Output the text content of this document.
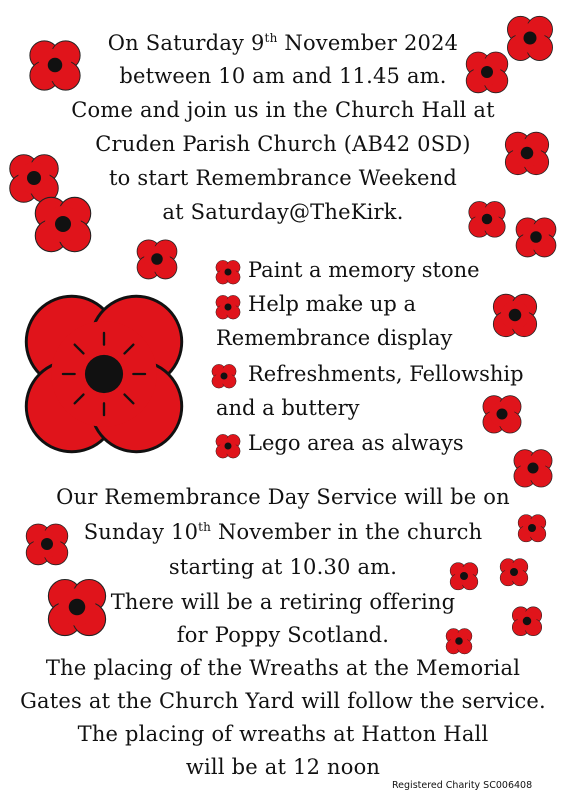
On Saturday 9th November 2024
between 10 am and 11.45 am.
Come and join us in the Church Hall at
Cruden Parish Church (AB42 0SD)
to start Remembrance Weekend
at Saturday@TheKirk.
Paint a memory stone
Help make up a
Remembrance display
Refreshments, Fellowship
and a buttery
Lego area as always
Our Remembrance Day Service will be on
Sunday 10th November in the church
starting at 10.30 am.
There will be a retiring offering
for Poppy Scotland.
The placing of the Wreaths at the Memorial
Gates at the Church Yard will follow the service.
The placing of wreaths at Hatton Hall
will be at 12 noon
Registered Charity SC006408
